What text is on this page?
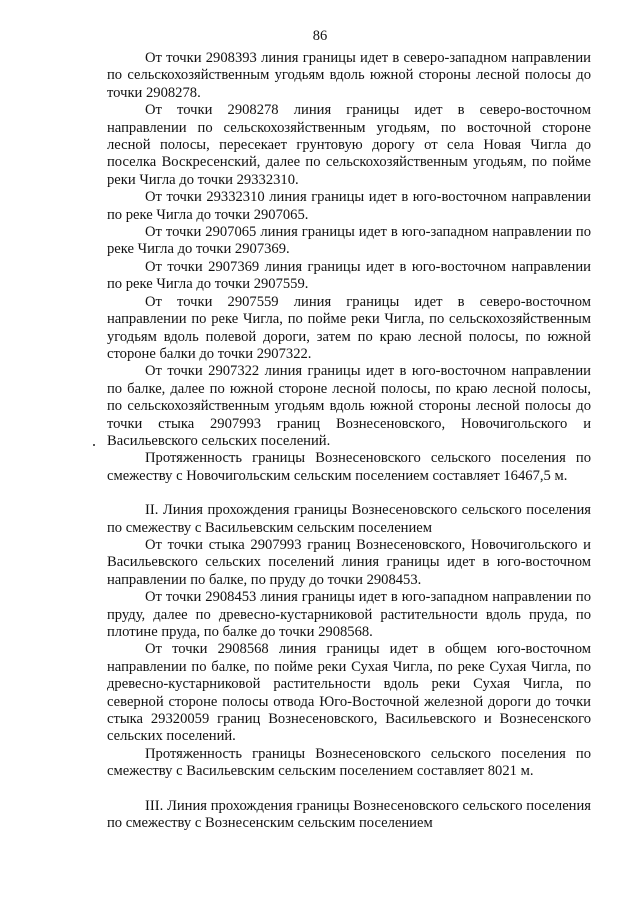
86

От точки 2908393 линия границы идет в северо-западном направлении по сельскохозяйственным угодьям вдоль южной стороны лесной полосы до точки 2908278.

От точки 2908278 линия границы идет в северо-восточном направлении по сельскохозяйственным угодьям, по восточной стороне лесной полосы, пересекает грунтовую дорогу от села Новая Чигла до поселка Воскресенский, далее по сельскохозяйственным угодьям, по пойме реки Чигла до точки 29332310.

От точки 29332310 линия границы идет в юго-восточном направлении по реке Чигла до точки 2907065.

От точки 2907065 линия границы идет в юго-западном направлении по реке Чигла до точки 2907369.

От точки 2907369 линия границы идет в юго-восточном направлении по реке Чигла до точки 2907559.

От точки 2907559 линия границы идет в северо-восточном направлении по реке Чигла, по пойме реки Чигла, по сельскохозяйственным угодьям вдоль полевой дороги, затем по краю лесной полосы, по южной стороне балки до точки 2907322.

От точки 2907322 линия границы идет в юго-восточном направлении по балке, далее по южной стороне лесной полосы, по краю лесной полосы, по сельскохозяйственным угодьям вдоль южной стороны лесной полосы до точки стыка 2907993 границ Вознесеновского, Новочигольского и Васильевского сельских поселений.

Протяженность границы Вознесеновского сельского поселения по смежеству с Новочигольским сельским поселением составляет 16467,5 м.

II. Линия прохождения границы Вознесеновского сельского поселения по смежеству с Васильевским сельским поселением

От точки стыка 2907993 границ Вознесеновского, Новочигольского и Васильевского сельских поселений линия границы идет в юго-восточном направлении по балке, по пруду до точки 2908453.

От точки 2908453 линия границы идет в юго-западном направлении по пруду, далее по древесно-кустарниковой растительности вдоль пруда, по плотине пруда, по балке до точки 2908568.

От точки 2908568 линия границы идет в общем юго-восточном направлении по балке, по пойме реки Сухая Чигла, по реке Сухая Чигла, по древесно-кустарниковой растительности вдоль реки Сухая Чигла, по северной стороне полосы отвода Юго-Восточной железной дороги до точки стыка 29320059 границ Вознесеновского, Васильевского и Вознесенского сельских поселений.

Протяженность границы Вознесеновского сельского поселения по смежеству с Васильевским сельским поселением составляет 8021 м.

III. Линия прохождения границы Вознесеновского сельского поселения по смежеству с Вознесенским сельским поселением
